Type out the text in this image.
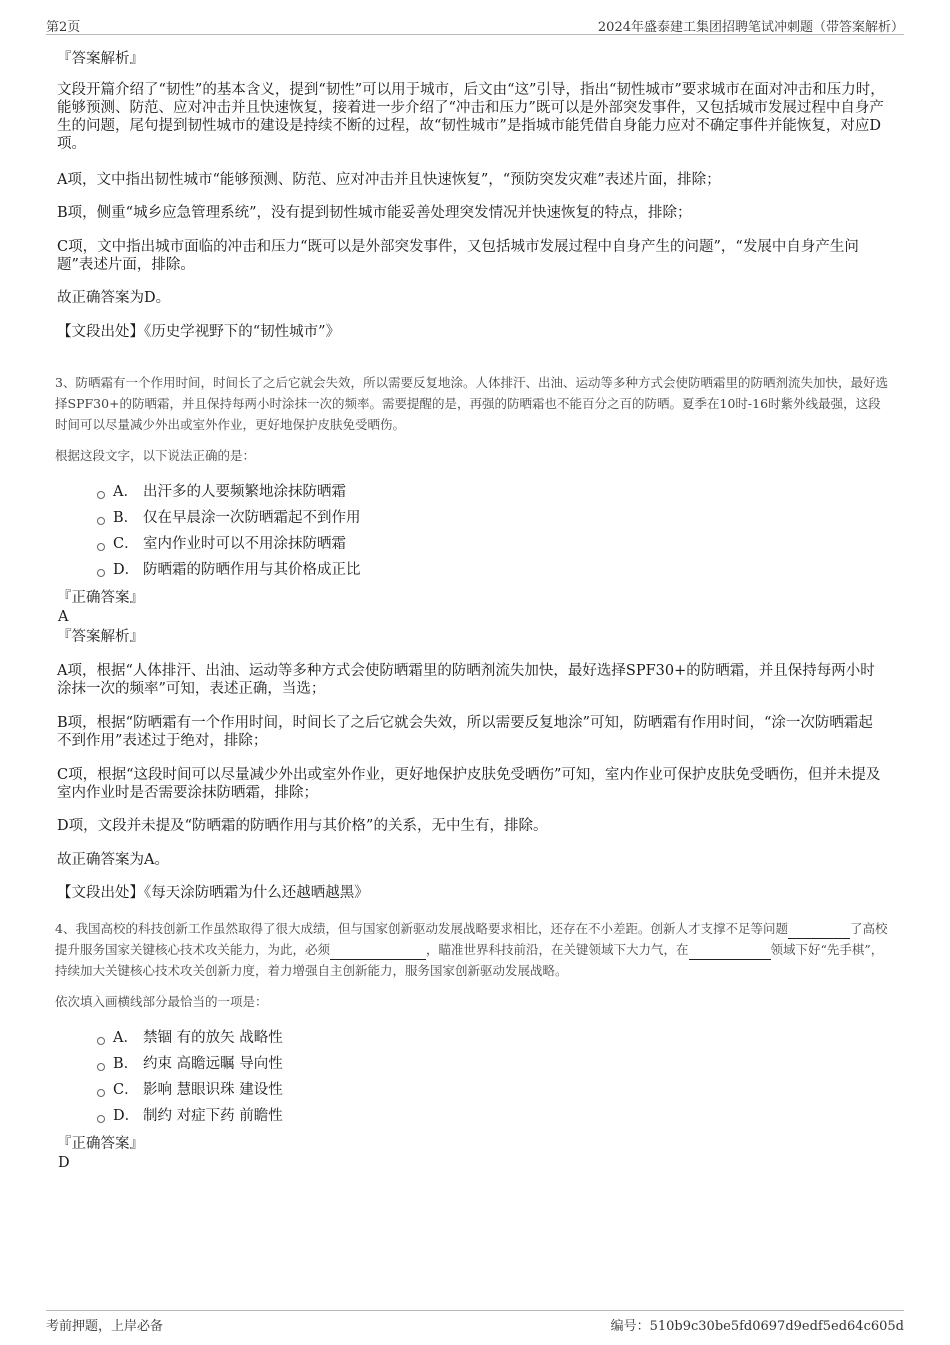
第2页	2024年盛泰建工集团招聘笔试冲刺题（带答案解析）
『答案解析』

文段开篇介绍了“韧性”的基本含义，提到“韧性”可以用于城市，后文由“这”引导，指出“韧性城市”要求城市在面对冲击和压力时，能够预测、防范、应对冲击并且快速恢复，接着进一步介绍了“冲击和压力”既可以是外部突发事件，又包括城市发展过程中自身产生的问题，尾句提到韧性城市的建设是持续不断的过程，故“韧性城市”是指城市能凭借自身能力应对不确定事件并能恢复，对应D项。

A项，文中指出韧性城市“能够预测、防范、应对冲击并且快速恢复”，“预防突发灾难”表述片面，排除；

B项，侧重“城乡应急管理系统”，没有提到韧性城市能妥善处理突发情况并快速恢复的特点，排除；

C项，文中指出城市面临的冲击和压力“既可以是外部突发事件，又包括城市发展过程中自身产生的问题”，“发展中自身产生问题”表述片面，排除。

故正确答案为D。

【文段出处】《历史学视野下的“韧性城市”》

3、防晒霜有一个作用时间，时间长了之后它就会失效，所以需要反复地涂。人体排汗、出油、运动等多种方式会使防晒霜里的防晒剂流失加快，最好选择SPF30+的防晒霜，并且保持每两小时涂抹一次的频率。需要提醒的是，再强的防晒霜也不能百分之百的防晒。夏季在10时-16时紫外线最强，这段时间可以尽量减少外出或室外作业，更好地保护皮肤免受晒伤。

根据这段文字，以下说法正确的是：

A． 出汗多的人要频繁地涂抹防晒霜
B． 仅在早晨涂一次防晒霜起不到作用
C． 室内作业时可以不用涂抹防晒霜
D． 防晒霜的防晒作用与其价格成正比
『正确答案』
A
『答案解析』

A项，根据“人体排汗、出油、运动等多种方式会使防晒霜里的防晒剂流失加快，最好选择SPF30+的防晒霜，并且保持每两小时涂抹一次的频率”可知，表述正确，当选；

B项，根据“防晒霜有一个作用时间，时间长了之后它就会失效，所以需要反复地涂”可知，防晒霜有作用时间，“涂一次防晒霜起不到作用”表述过于绝对，排除；

C项，根据“这段时间可以尽量减少外出或室外作业，更好地保护皮肤免受晒伤”可知，室内作业可保护皮肤免受晒伤，但并未提及室内作业时是否需要涂抹防晒霜，排除；

D项，文段并未提及“防晒霜的防晒作用与其价格”的关系，无中生有，排除。

故正确答案为A。

【文段出处】《每天涂防晒霜为什么还越晒越黑》

4、我国高校的科技创新工作虽然取得了很大成绩，但与国家创新驱动发展战略要求相比，还存在不小差距。创新人才支撑不足等问题	了高校提升服务国家关键核心技术攻关能力，为此，必须	，瞄准世界科技前沿，在关键领域下大力气，在	领域下好“先手棋”，持续加大关键核心技术攻关创新力度，着力增强自主创新能力，服务国家创新驱动发展战略。

依次填入画横线部分最恰当的一项是：

A． 禁锢 有的放矢 战略性
B． 约束 高瞻远瞩 导向性
C． 影响 慧眼识珠 建设性
D． 制约 对症下药 前瞻性
『正确答案』
D
考前押题，上岸必备	编号：510b9c30be5fd0697d9edf5ed64c605d
